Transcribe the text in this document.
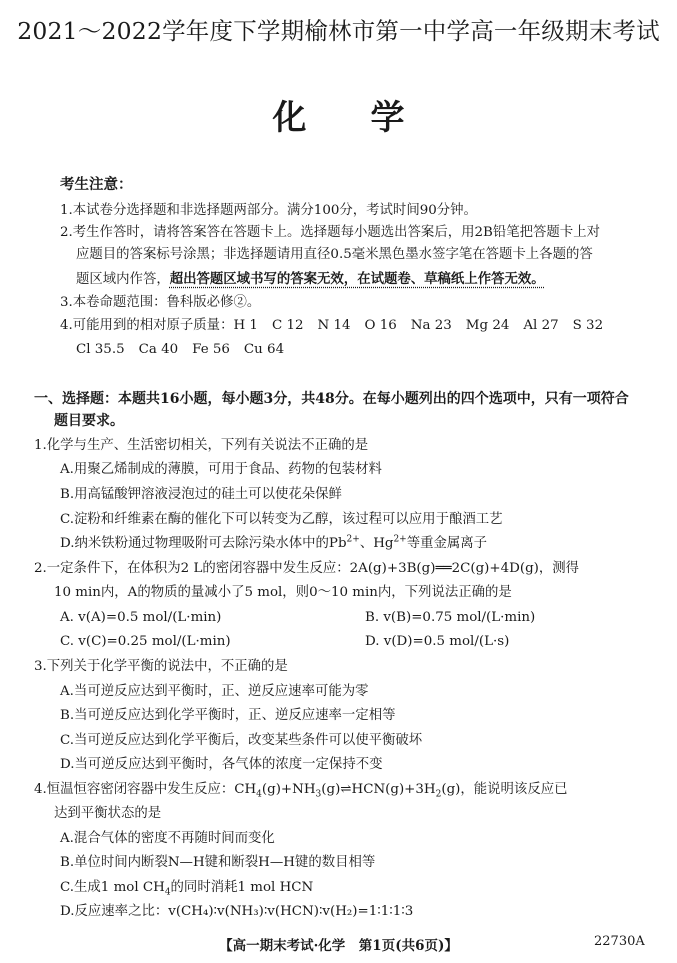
2021～2022学年度下学期榆林市第一中学高一年级期末考试
化 学
考生注意：
1.本试卷分选择题和非选择题两部分。满分100分，考试时间90分钟。
2.考生作答时，请将答案答在答题卡上。选择题每小题选出答案后，用2B铅笔把答题卡上对
应题目的答案标号涂黑；非选择题请用直径0.5毫米黑色墨水签字笔在答题卡上各题的答
题区域内作答，超出答题区域书写的答案无效，在试题卷、草稿纸上作答无效。
3.本卷命题范围：鲁科版必修②。
4.可能用到的相对原子质量：H 1 C 12 N 14 O 16 Na 23 Mg 24 Al 27 S 32
Cl 35.5 Ca 40 Fe 56 Cu 64
一、选择题：本题共16小题，每小题3分，共48分。在每小题列出的四个选项中，只有一项符合
题目要求。
1.化学与生产、生活密切相关，下列有关说法不正确的是
A.用聚乙烯制成的薄膜，可用于食品、药物的包装材料
B.用高锰酸钾溶液浸泡过的硅土可以使花朵保鲜
C.淀粉和纤维素在酶的催化下可以转变为乙醇，该过程可以应用于酿酒工艺
D.纳米铁粉通过物理吸附可去除污染水体中的$Pb^{2+}$、$Hg^{2+}$等重金属离子
2.一定条件下，在体积为2 L的密闭容器中发生反应：2A(g)+3B(g)══2C(g)+4D(g)，测得
10 min内，A的物质的量减小了5 mol，则0～10 min内，下列说法正确的是
A. v(A)=0.5 mol/(L·min)	B. v(B)=0.75 mol/(L·min)
C. v(C)=0.25 mol/(L·min)	D. v(D)=0.5 mol/(L·s)
3.下列关于化学平衡的说法中，不正确的是
A.当可逆反应达到平衡时，正、逆反应速率可能为零
B.当可逆反应达到化学平衡时，正、逆反应速率一定相等
C.当可逆反应达到化学平衡后，改变某些条件可以使平衡破坏
D.当可逆反应达到平衡时，各气体的浓度一定保持不变
4.恒温恒容密闭容器中发生反应：$CH_4(g)+NH_3(g)\rightleftharpoons HCN(g)+3H_2(g)$，能说明该反应已
达到平衡状态的是
A.混合气体的密度不再随时间而变化
B.单位时间内断裂N—H键和断裂H—H键的数目相等
C.生成1 mol $CH_4$的同时消耗1 mol HCN
D.反应速率之比：v(CH₄)∶v(NH₃)∶v(HCN)∶v(H₂)=1∶1∶1∶3
【高一期末考试·化学　第1页(共6页)】	22730A
